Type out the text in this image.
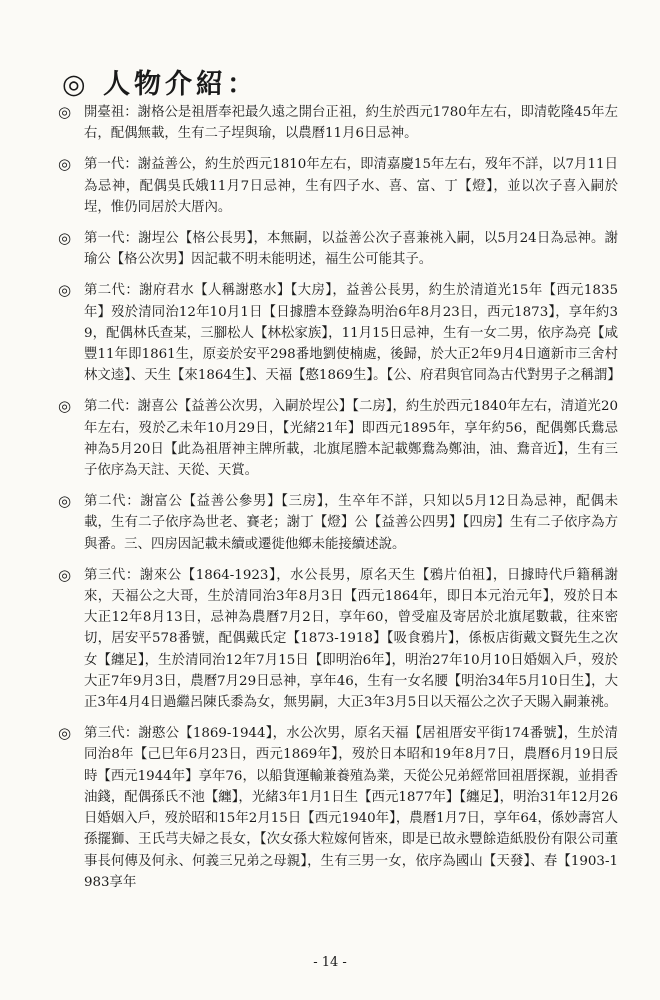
◎ 人物介紹：
◎ 開臺祖：謝格公是祖厝奉祀最久遠之開台正祖，約生於西元1780年左右，即清乾隆45年左右，配偶無載，生有二子埕與瑜，以農曆11月6日忌神。
◎ 第一代：謝益善公，約生於西元1810年左右，即清嘉慶15年左右，歿年不詳，以7月11日為忌神，配偶吳氏娥11月7日忌神，生有四子水、喜、富、丁【燈】，並以次子喜入嗣於埕，惟仍同居於大厝內。
◎ 第一代：謝埕公【格公長男】，本無嗣，以益善公次子喜兼祧入嗣，以5月24日為忌神。謝瑜公【格公次男】因記載不明未能明述，福生公可能其子。
◎ 第二代：謝府君水【人稱謝憨水】【大房】，益善公長男，約生於清道光15年【西元1835年】歿於清同治12年10月1日【日據謄本登錄為明治6年8月23日，西元1873】，享年約39，配偶林氏查某，三腳松人【林松家族】，11月15日忌神，生有一女二男，依序為亮【咸豐11年即1861生，原妾於安平298番地劉使楠處，後歸，於大正2年9月4日適新市三舍村林文逵】、天生【來1864生】、天福【憨1869生】。【公、府君與官同為古代對男子之稱謂】
◎ 第二代：謝喜公【益善公次男，入嗣於埕公】【二房】，約生於西元1840年左右，清道光20年左右，歿於乙未年10月29日，【光緒21年】即西元1895年，享年約56，配偶鄭氏鴦忌神為5月20日【此為祖厝神主牌所載，北旗尾謄本記載鄭鴦為鄭油，油、鴦音近】，生有三子依序為天註、天從、天賞。
◎ 第二代：謝富公【益善公參男】【三房】，生卒年不詳，只知以5月12日為忌神，配偶未載，生有二子依序為世老、賽老；謝丁【燈】公【益善公四男】【四房】生有二子依序為方與番。三、四房因記載未續或遷徙他鄉未能接續述說。
◎ 第三代：謝來公【1864-1923】，水公長男，原名天生【鴉片伯祖】，日據時代戶籍稱謝來，天福公之大哥，生於清同治3年8月3日【西元1864年，即日本元治元年】，歿於日本大正12年8月13日，忌神為農曆7月2日，享年60，曾受雇及寄居於北旗尾數載，往來密切，居安平578番號，配偶戴氏定【1873-1918】【吸食鴉片】，係板店街戴文賢先生之次女【纏足】，生於清同治12年7月15日【即明治6年】，明治27年10月10日婚姻入戶，歿於大正7年9月3日，農曆7月29日忌神，享年46，生有一女名腰【明治34年5月10日生】，大正3年4月4日過繼呂陳氏黍為女，無男嗣，大正3年3月5日以天福公之次子天賜入嗣兼祧。
◎ 第三代：謝憨公【1869-1944】，水公次男，原名天福【居祖厝安平街174番號】，生於清同治8年【己巳年6月23日，西元1869年】，歿於日本昭和19年8月7日，農曆6月19日辰時【西元1944年】享年76，以船貨運輸兼養殖為業，天從公兄弟經常回祖厝探親，並捐香油錢，配偶孫氏不池【纏】，光緒3年1月1日生【西元1877年】【纏足】，明治31年12月26日婚姻入戶，歿於昭和15年2月15日【西元1940年】，農曆1月7日，享年64，係妙壽宮人孫擺獅、王氏芎夫婦之長女，【次女孫大粒嫁何皆來，即是已故永豐餘造紙股份有限公司董事長何傳及何永、何義三兄弟之母親】，生有三男一女，依序為國山【天發】、春【1903-1983享年
- 14 -
